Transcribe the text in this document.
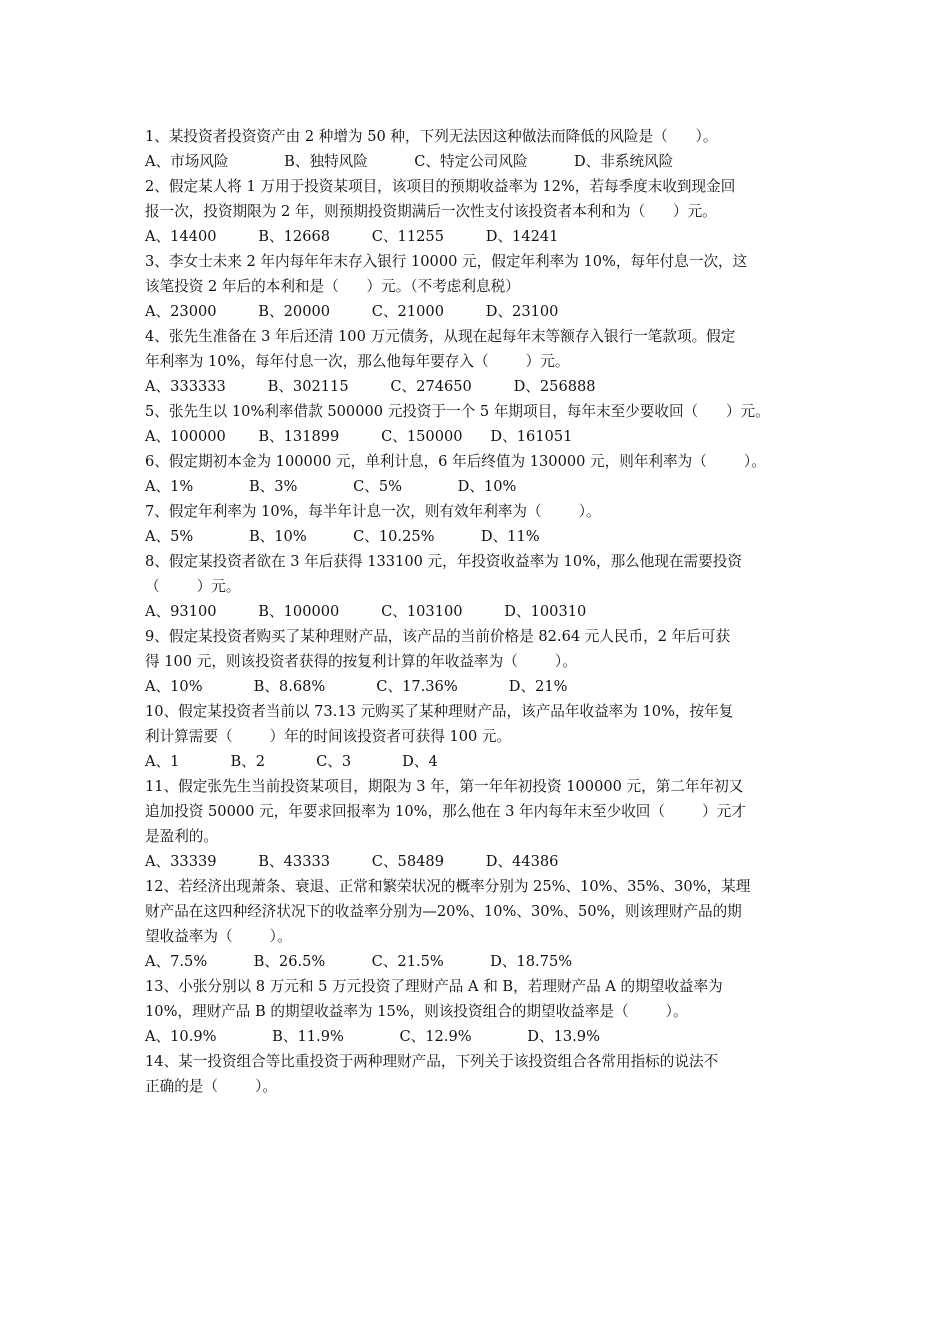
1、某投资者投资资产由 2 种增为 50 种，下列无法因这种做法而降低的风险是（      ）。
A、市场风险            B、独特风险          C、特定公司风险          D、非系统风险
2、假定某人将 1 万用于投资某项目，该项目的预期收益率为 12%，若每季度末收到现金回
报一次，投资期限为 2 年，则预期投资期满后一次性支付该投资者本利和为（      ）元。
A、14400         B、12668         C、11255         D、14241
3、李女士未来 2 年内每年年末存入银行 10000 元，假定年利率为 10%，每年付息一次，这
该笔投资 2 年后的本利和是（      ）元。（不考虑利息税）
A、23000         B、20000         C、21000         D、23100
4、张先生准备在 3 年后还清 100 万元债务，从现在起每年末等额存入银行一笔款项。假定
年利率为 10%，每年付息一次，那么他每年要存入（        ）元。
A、333333         B、302115         C、274650         D、256888
5、张先生以 10%利率借款 500000 元投资于一个 5 年期项目，每年末至少要收回（      ）元。
A、100000       B、131899         C、150000      D、161051
6、假定期初本金为 100000 元，单利计息，6 年后终值为 130000 元，则年利率为（        ）。
A、1%            B、3%            C、5%            D、10%
7、假定年利率为 10%，每半年计息一次，则有效年利率为（        ）。
A、5%            B、10%          C、10.25%          D、11%
8、假定某投资者欲在 3 年后获得 133100 元，年投资收益率为 10%，那么他现在需要投资
（        ）元。
A、93100         B、100000         C、103100         D、100310
9、假定某投资者购买了某种理财产品，该产品的当前价格是 82.64 元人民币，2 年后可获
得 100 元，则该投资者获得的按复利计算的年收益率为（        ）。
A、10%           B、8.68%           C、17.36%           D、21%
10、假定某投资者当前以 73.13 元购买了某种理财产品，该产品年收益率为 10%，按年复
利计算需要（        ）年的时间该投资者可获得 100 元。
A、1           B、2           C、3           D、4
11、假定张先生当前投资某项目，期限为 3 年，第一年年初投资 100000 元，第二年年初又
追加投资 50000 元，年要求回报率为 10%，那么他在 3 年内每年末至少收回（        ）元才
是盈利的。
A、33339         B、43333         C、58489         D、44386
12、若经济出现萧条、衰退、正常和繁荣状况的概率分别为 25%、10%、35%、30%，某理
财产品在这四种经济状况下的收益率分别为—20%、10%、30%、50%，则该理财产品的期
望收益率为（        ）。
A、7.5%          B、26.5%          C、21.5%          D、18.75%
13、小张分别以 8 万元和 5 万元投资了理财产品 A 和 B，若理财产品 A 的期望收益率为
10%，理财产品 B 的期望收益率为 15%，则该投资组合的期望收益率是（        ）。
A、10.9%            B、11.9%            C、12.9%            D、13.9%
14、某一投资组合等比重投资于两种理财产品，下列关于该投资组合各常用指标的说法不
正确的是（        ）。
